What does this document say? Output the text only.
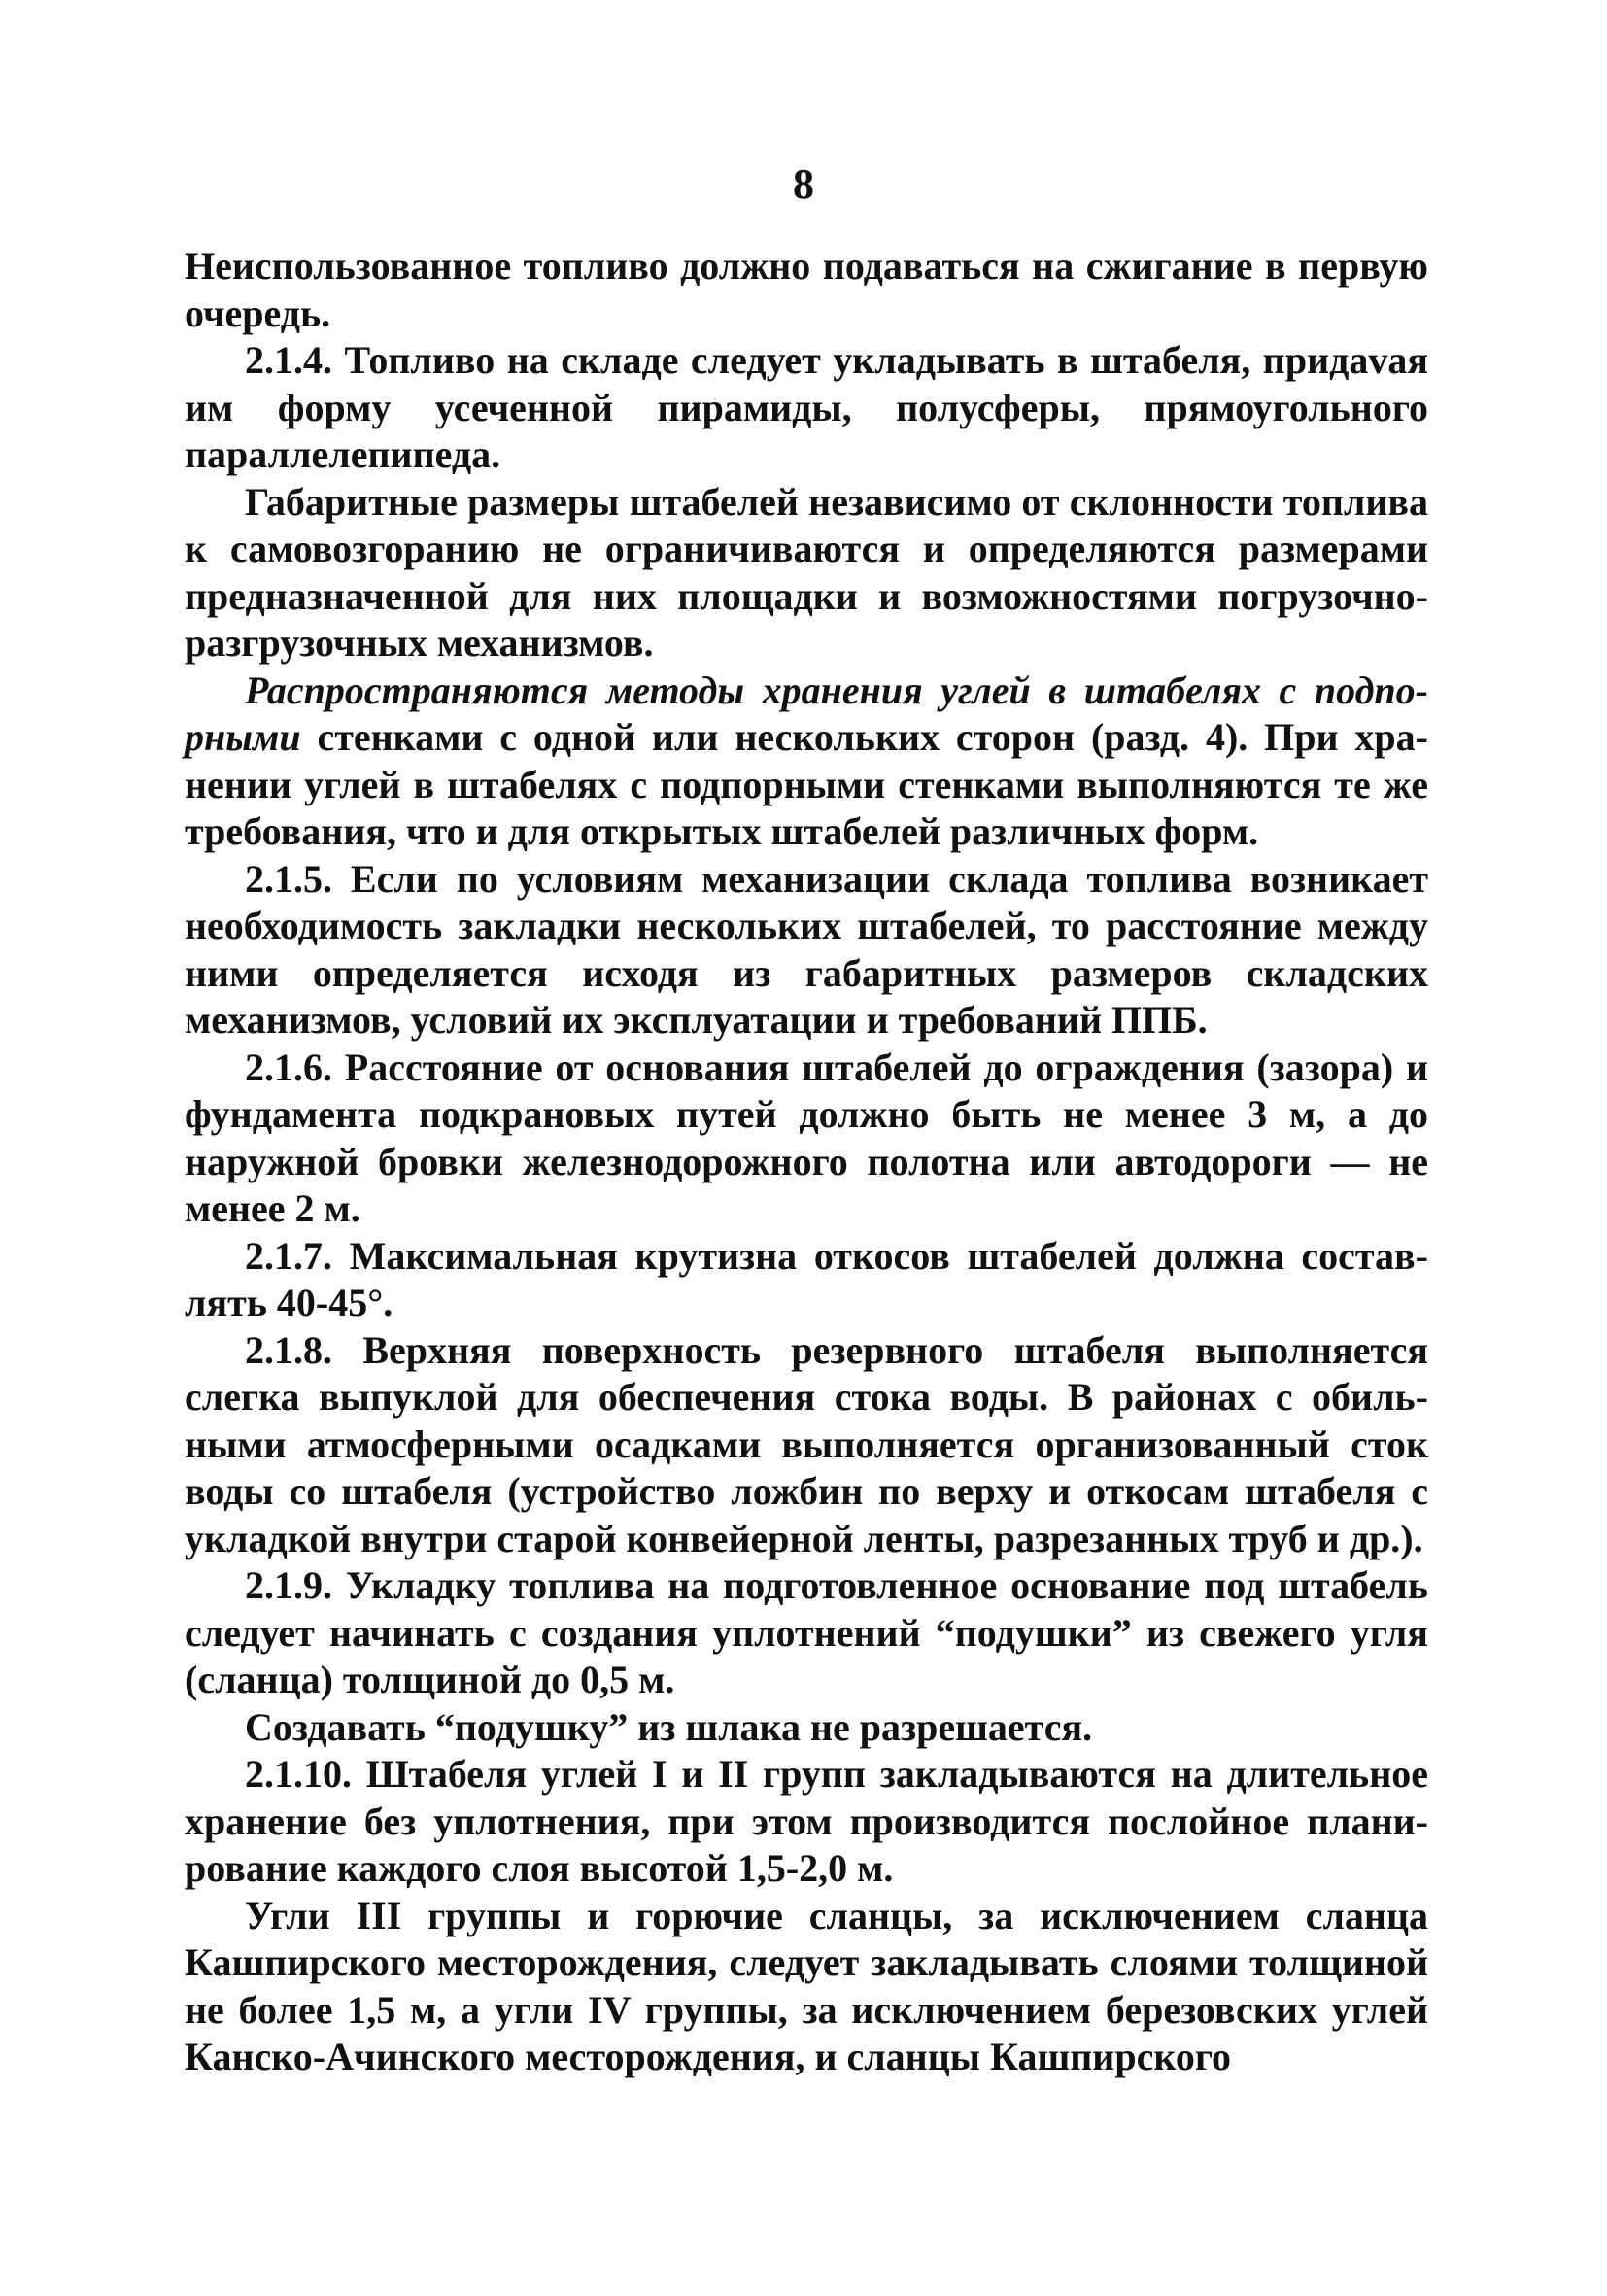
8

Неиспользованное топливо должно подаваться на сжигание в первую очередь.

2.1.4. Топливо на складе следует укладывать в штабеля, придаvая им форму усеченной пирамиды, полусферы, прямоугольного параллелепипеда.

Габаритные размеры штабелей независимо от склонности топлива к самовозгоранию не ограничиваются и определяются размерами предназначенной для них площадки и возможностями погрузочно-разгрузочных механизмов.

Распространяются методы хранения углей в штабелях с подпорными стенками с одной или нескольких сторон (разд. 4). При хранении углей в штабелях с подпорными стенками выполняются те же требования, что и для открытых штабелей различных форм.

2.1.5. Если по условиям механизации склада топлива возникает необходимость закладки нескольких штабелей, то расстояние между ними определяется исходя из габаритных размеров складских механизмов, условий их эксплуатации и требований ППБ.

2.1.6. Расстояние от основания штабелей до ограждения (зазора) и фундамента подкрановых путей должно быть не менее 3 м, а до наружной бровки железнодорожного полотна или автодороги — не менее 2 м.

2.1.7. Максимальная крутизна откосов штабелей должна составлять 40-45°.

2.1.8. Верхняя поверхность резервного штабеля выполняется слегка выпуклой для обеспечения стока воды. В районах с обильными атмосферными осадками выполняется организованный сток воды со штабеля (устройство ложбин по верху и откосам штабеля с укладкой внутри старой конвейерной ленты, разрезанных труб и др.).

2.1.9. Укладку топлива на подготовленное основание под штабель следует начинать с создания уплотнений “подушки” из свежего угля (сланца) толщиной до 0,5 м.

Создавать “подушку” из шлака не разрешается.

2.1.10. Штабеля углей I и II групп закладываются на длительное хранение без уплотнения, при этом производится послойное планирование каждого слоя высотой 1,5-2,0 м.

Угли III группы и горючие сланцы, за исключением сланца Кашпирского месторождения, следует закладывать слоями толщиной не более 1,5 м, а угли IV группы, за исключением березовских углей Канско-Ачинского месторождения, и сланцы Кашпирского
